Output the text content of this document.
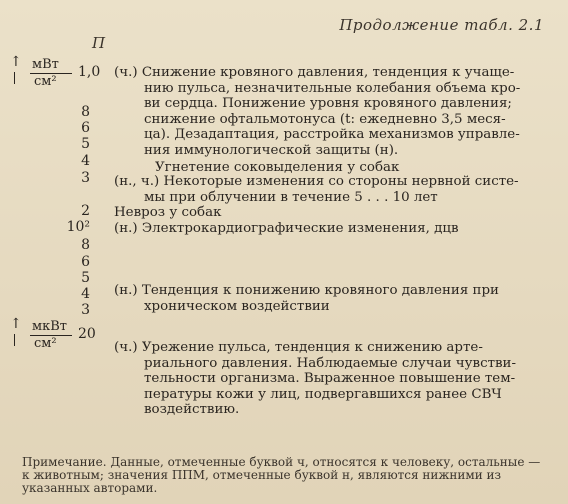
Продолжение табл. 2.1
П
↑ мВт
см²
1,0
8
6
5
4
3
2
10²
8
6
5
4
3
↑ мкВт
см²
20
(ч.) Снижение кровяного давления, тенденция к учаще-
нию пульса, незначительные колебания объема кро-
ви сердца. Понижение уровня кровяного давления;
снижение офтальмотонуса (t: ежедневно 3,5 меся-
ца). Дезадаптация, расстройка механизмов управле-
ния иммунологической защиты (н).
Угнетение соковыделения у собак
(н., ч.) Некоторые изменения со стороны нервной систе-
мы при облучении в течение 5 . . . 10 лет
Невроз у собак
(н.) Электрокардиографические изменения, дцв
(н.) Тенденция к понижению кровяного давления при
хроническом воздействии
(ч.) Урежение пульса, тенденция к снижению арте-
риального давления. Наблюдаемые случаи чувстви-
тельности организма. Выраженное повышение тем-
пературы кожи у лиц, подвергавшихся ранее СВЧ
воздействию.
Примечание. Данные, отмеченные буквой ч, относятся к человеку, остальные — к животным; значения ППМ, отмеченные буквой н, являются нижними из указанных авторами.
